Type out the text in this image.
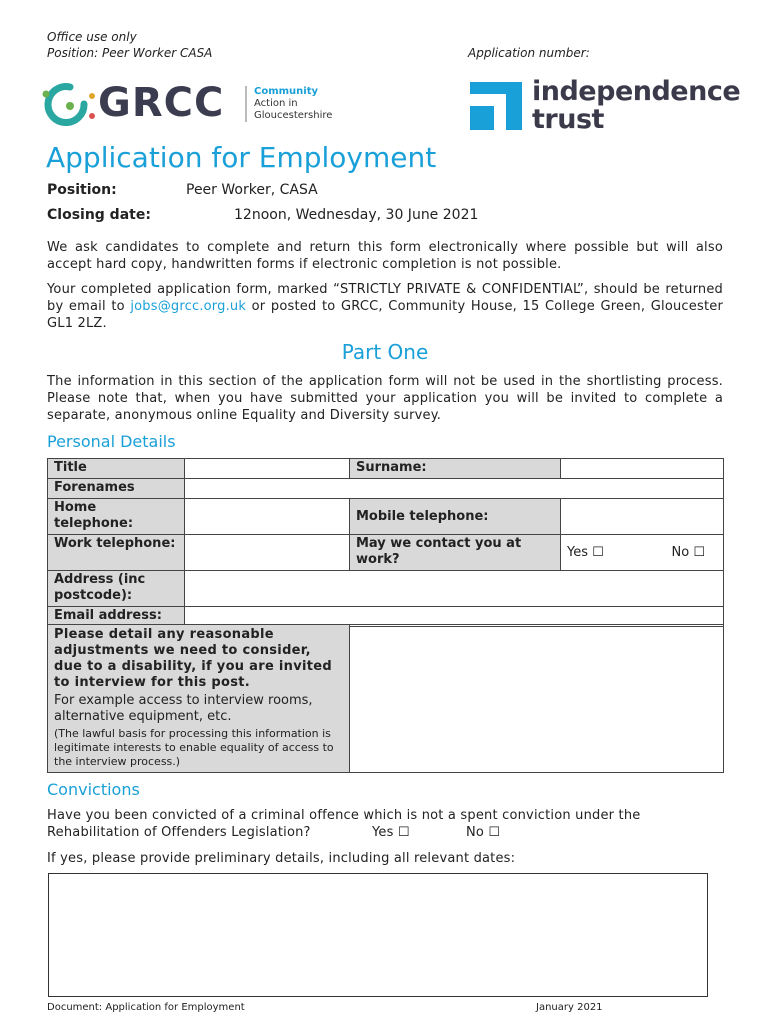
Office use only
Position: Peer Worker CASA	Application number:
GRCC	Community
Action in
Gloucestershire
independence
trust
Application for Employment
Position:	Peer Worker, CASA
Closing date:	12noon, Wednesday, 30 June 2021
We ask candidates to complete and return this form electronically where possible but will also accept hard copy, handwritten forms if electronic completion is not possible.
Your completed application form, marked “STRICTLY PRIVATE & CONFIDENTIAL”, should be returned by email to jobs@grcc.org.uk or posted to GRCC, Community House, 15 College Green, Gloucester GL1 2LZ.
Part One
The information in this section of the application form will not be used in the shortlisting process. Please note that, when you have submitted your application you will be invited to complete a separate, anonymous online Equality and Diversity survey.
Personal Details
Title		Surname:	
Forenames			
Home telephone:		Mobile telephone:	
Work telephone:		May we contact you at work?	Yes ☐ No ☐

Address (inc postcode):			
Email address:			
Please detail any reasonable adjustments we need to consider, due to a disability, if you are invited to interview for this post.
For example access to interview rooms, alternative equipment, etc.
(The lawful basis for processing this information is legitimate interests to enable equality of access to the interview process.)

Convictions
Have you been convicted of a criminal offence which is not a spent conviction under the
Rehabilitation of Offenders Legislation?	Yes ☐	No ☐
If yes, please provide preliminary details, including all relevant dates:
Document: Application for Employment	January 2021
